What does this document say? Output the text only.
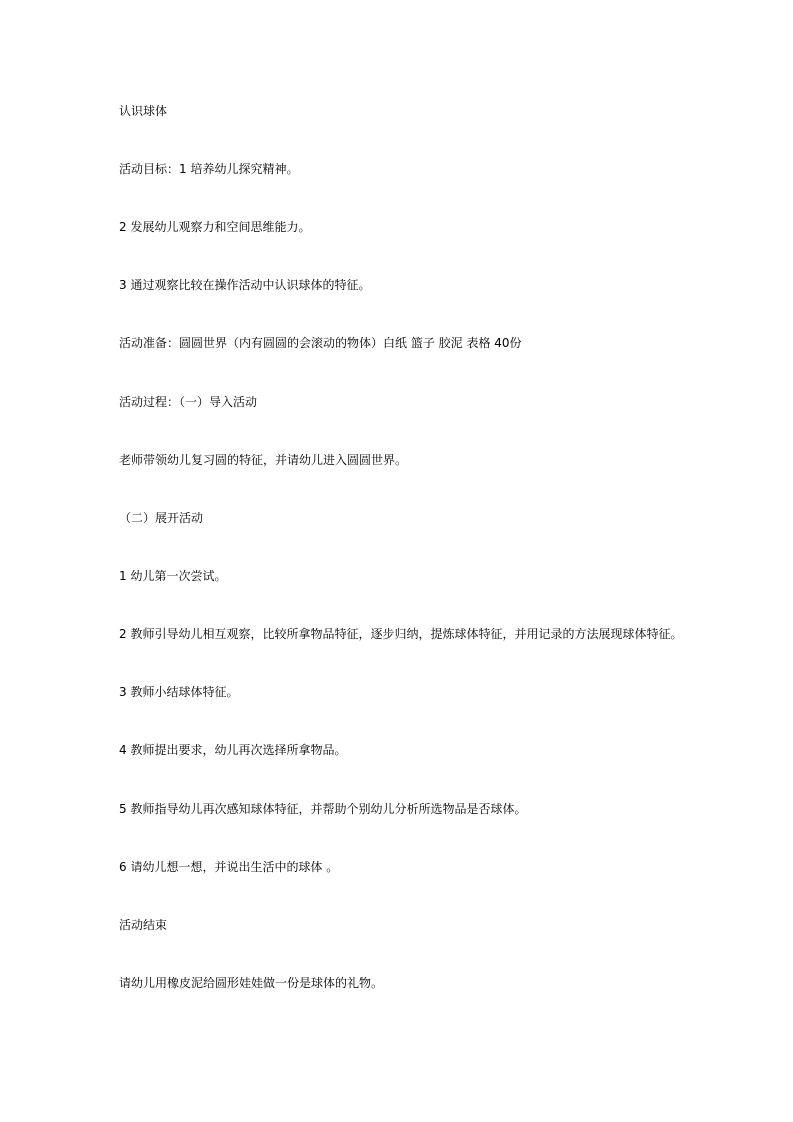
认识球体

活动目标：1 培养幼儿探究精神。

2 发展幼儿观察力和空间思维能力。

3 通过观察比较在操作活动中认识球体的特征。

活动准备：圆圆世界（内有圆圆的会滚动的物体）白纸 篮子 胶泥 表格 40份

活动过程：（一）导入活动

老师带领幼儿复习圆的特征，并请幼儿进入圆圆世界。

（二）展开活动

1 幼儿第一次尝试。

2 教师引导幼儿相互观察，比较所拿物品特征，逐步归纳，提炼球体特征，并用记录的方法展现球体特征。

3 教师小结球体特征。

4 教师提出要求，幼儿再次选择所拿物品。

5 教师指导幼儿再次感知球体特征，并帮助个别幼儿分析所选物品是否球体。

6 请幼儿想一想，并说出生活中的球体 。

活动结束

请幼儿用橡皮泥给圆形娃娃做一份是球体的礼物。
